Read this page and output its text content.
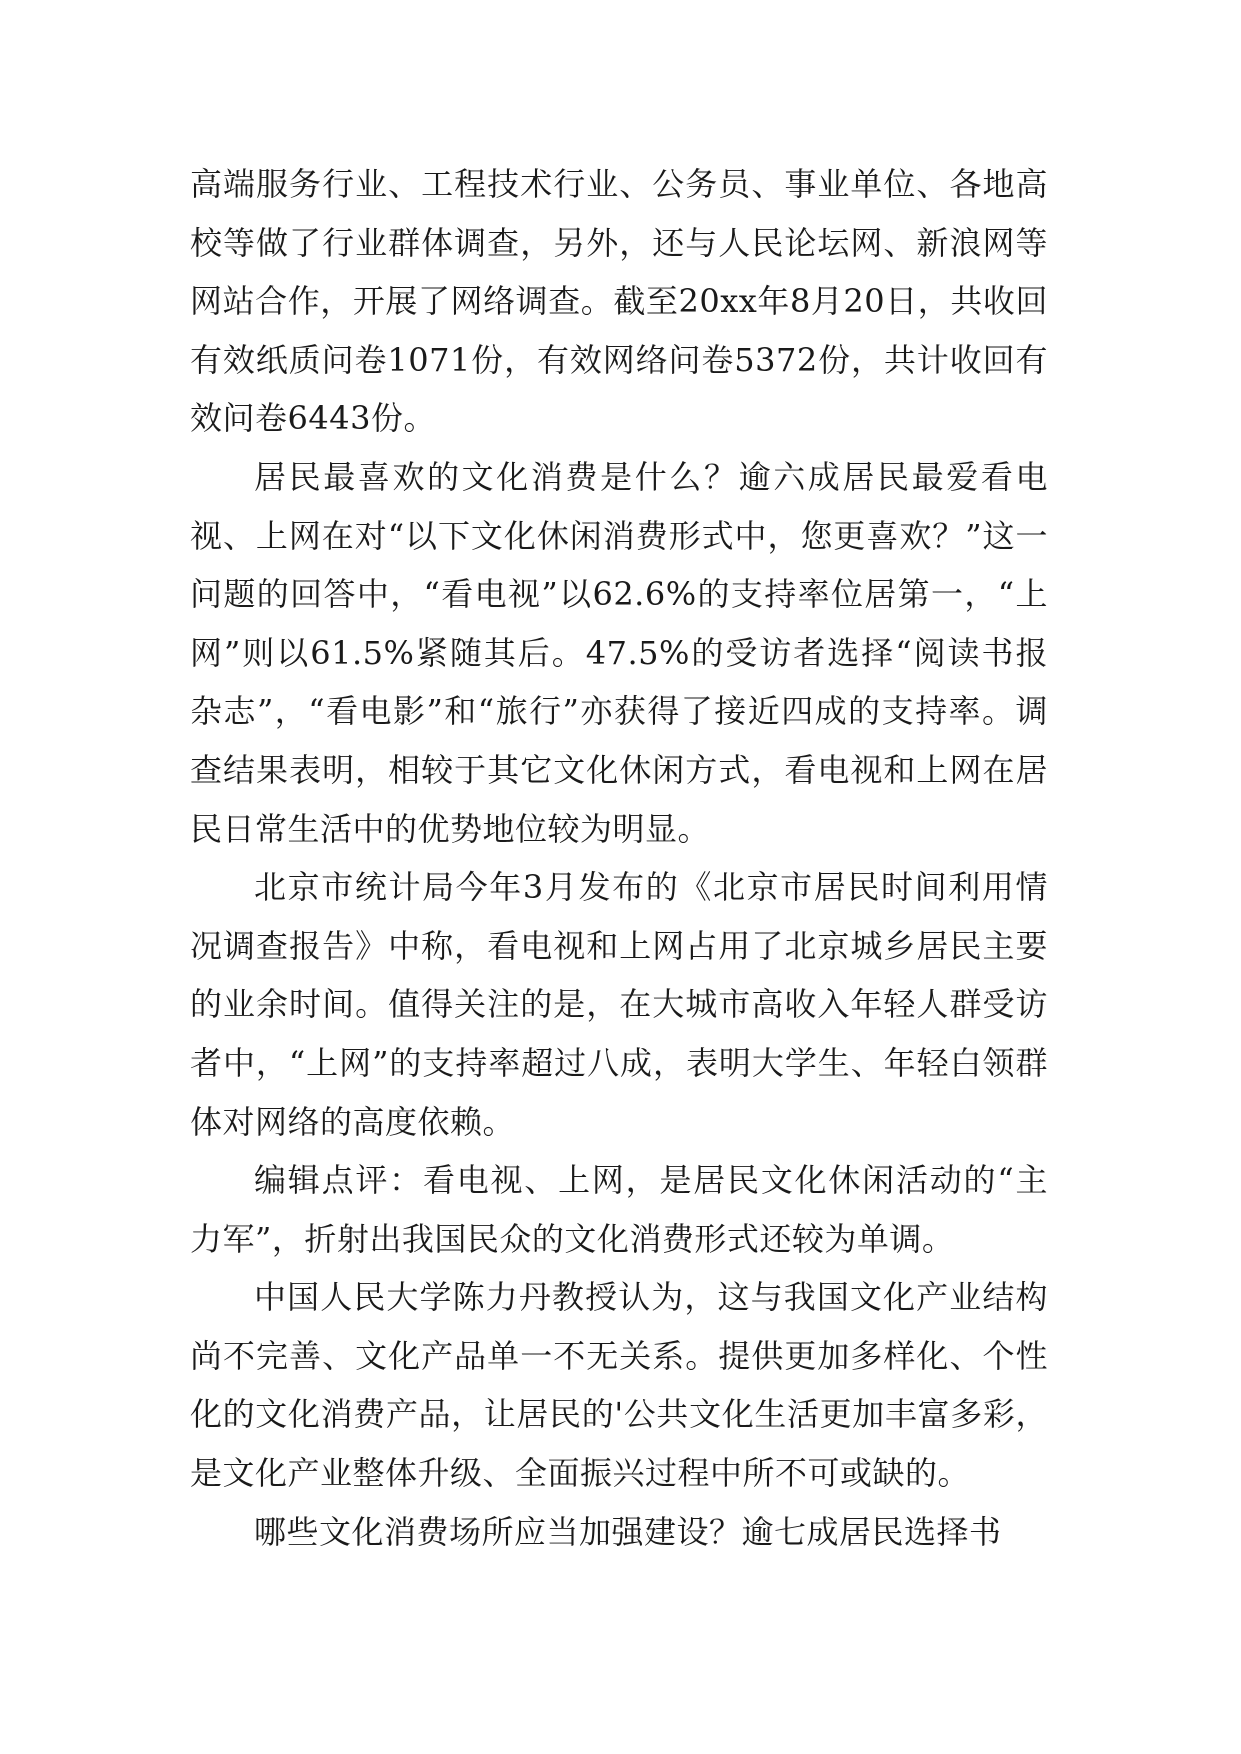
高端服务行业、工程技术行业、公务员、事业单位、各地高校等做了行业群体调查，另外，还与人民论坛网、新浪网等网站合作，开展了网络调查。截至20xx年8月20日，共收回有效纸质问卷1071份，有效网络问卷5372份，共计收回有效问卷6443份。

居民最喜欢的文化消费是什么？逾六成居民最爱看电视、上网在对“以下文化休闲消费形式中，您更喜欢？”这一问题的回答中，“看电视”以62.6%的支持率位居第一，“上网”则以61.5%紧随其后。47.5%的受访者选择“阅读书报杂志”，“看电影”和“旅行”亦获得了接近四成的支持率。调查结果表明，相较于其它文化休闲方式，看电视和上网在居民日常生活中的优势地位较为明显。

北京市统计局今年3月发布的《北京市居民时间利用情况调查报告》中称，看电视和上网占用了北京城乡居民主要的业余时间。值得关注的是，在大城市高收入年轻人群受访者中，“上网”的支持率超过八成，表明大学生、年轻白领群体对网络的高度依赖。

编辑点评：看电视、上网，是居民文化休闲活动的“主力军”，折射出我国民众的文化消费形式还较为单调。

中国人民大学陈力丹教授认为，这与我国文化产业结构尚不完善、文化产品单一不无关系。提供更加多样化、个性化的文化消费产品，让居民的'公共文化生活更加丰富多彩，是文化产业整体升级、全面振兴过程中所不可或缺的。

哪些文化消费场所应当加强建设？逾七成居民选择书
